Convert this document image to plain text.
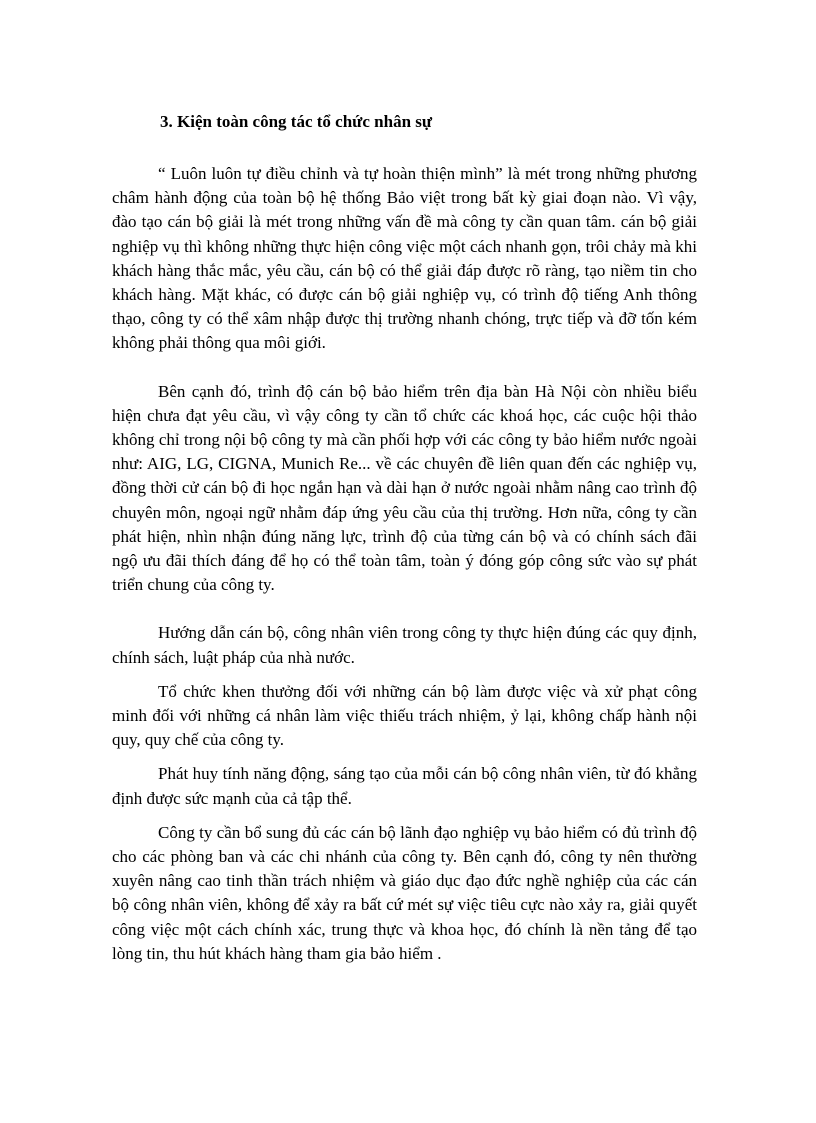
3. Kiện toàn công tác tổ chức nhân sự

“ Luôn luôn tự điều chỉnh và tự hoàn thiện mình” là mét trong những phương châm hành động của toàn bộ hệ thống Bảo việt trong bất kỳ giai đoạn nào. Vì vậy, đào tạo cán bộ giải là mét trong những vấn đề mà công ty cần quan tâm. cán bộ giải nghiệp vụ thì không những thực hiện công việc một cách nhanh gọn, trôi chảy mà khi khách hàng thắc mắc, yêu cầu, cán bộ có thể giải đáp được rõ ràng, tạo niềm tin cho khách hàng. Mặt khác, có được cán bộ giải nghiệp vụ, có trình độ tiếng Anh thông thạo, công ty có thể xâm nhập được thị trường nhanh chóng, trực tiếp và đỡ tốn kém không phải thông qua môi giới.

Bên cạnh đó, trình độ cán bộ bảo hiểm trên địa bàn Hà Nội còn nhiều biểu hiện chưa đạt yêu cầu, vì vậy công ty cần tổ chức các khoá học, các cuộc hội thảo không chỉ trong nội bộ công ty mà cần phối hợp với các công ty bảo hiểm nước ngoài như: AIG, LG, CIGNA, Munich Re... về các chuyên đề liên quan đến các nghiệp vụ, đồng thời cử cán bộ đi học ngắn hạn và dài hạn ở nước ngoài nhằm nâng cao trình độ chuyên môn, ngoại ngữ nhằm đáp ứng yêu cầu của thị trường. Hơn nữa, công ty cần phát hiện, nhìn nhận đúng năng lực, trình độ của từng cán bộ và có chính sách đãi ngộ ưu đãi thích đáng để họ có thể toàn tâm, toàn ý đóng góp công sức vào sự phát triển chung của công ty.

Hướng dẫn cán bộ, công nhân viên trong công ty thực hiện đúng các quy định, chính sách, luật pháp của nhà nước.

Tổ chức khen thưởng đối với những cán bộ làm được việc và xử phạt công minh đối với những cá nhân làm việc thiếu trách nhiệm, ỷ lại, không chấp hành nội quy, quy chế của công ty.

Phát huy tính năng động, sáng tạo của mỗi cán bộ công nhân viên, từ đó khẳng định được sức mạnh của cả tập thể.

Công ty cần bổ sung đủ các cán bộ lãnh đạo nghiệp vụ bảo hiểm có đủ trình độ cho các phòng ban và các chi nhánh của công ty. Bên cạnh đó, công ty nên thường xuyên nâng cao tinh thần trách nhiệm và giáo dục đạo đức nghề nghiệp của các cán bộ công nhân viên, không để xảy ra bất cứ mét sự việc tiêu cực nào xảy ra, giải quyết công việc một cách chính xác, trung thực và khoa học, đó chính là nền tảng để tạo lòng tin, thu hút khách hàng tham gia bảo hiểm .
